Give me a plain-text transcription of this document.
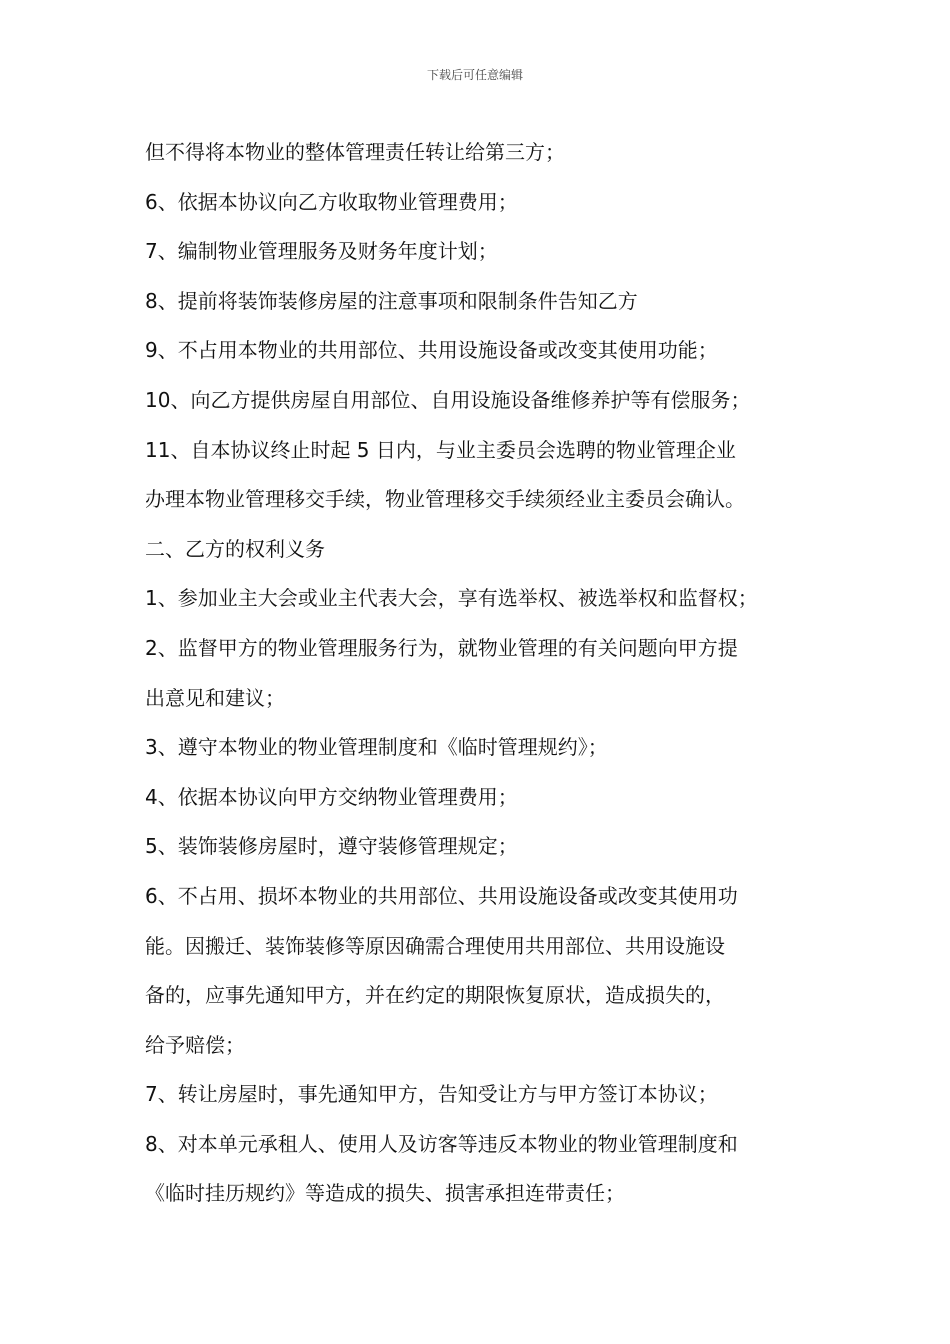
下载后可任意编辑
但不得将本物业的整体管理责任转让给第三方；
6、依据本协议向乙方收取物业管理费用；
7、编制物业管理服务及财务年度计划；
8、提前将装饰装修房屋的注意事项和限制条件告知乙方
9、不占用本物业的共用部位、共用设施设备或改变其使用功能；
10、向乙方提供房屋自用部位、自用设施设备维修养护等有偿服务；
11、自本协议终止时起 5 日内，与业主委员会选聘的物业管理企业
办理本物业管理移交手续，物业管理移交手续须经业主委员会确认。
二、乙方的权利义务
1、参加业主大会或业主代表大会，享有选举权、被选举权和监督权；
2、监督甲方的物业管理服务行为，就物业管理的有关问题向甲方提
出意见和建议；
3、遵守本物业的物业管理制度和《临时管理规约》；
4、依据本协议向甲方交纳物业管理费用；
5、装饰装修房屋时，遵守装修管理规定；
6、不占用、损坏本物业的共用部位、共用设施设备或改变其使用功
能。因搬迁、装饰装修等原因确需合理使用共用部位、共用设施设
备的，应事先通知甲方，并在约定的期限恢复原状，造成损失的，
给予赔偿；
7、转让房屋时，事先通知甲方，告知受让方与甲方签订本协议；
8、对本单元承租人、使用人及访客等违反本物业的物业管理制度和
《临时挂历规约》等造成的损失、损害承担连带责任；
